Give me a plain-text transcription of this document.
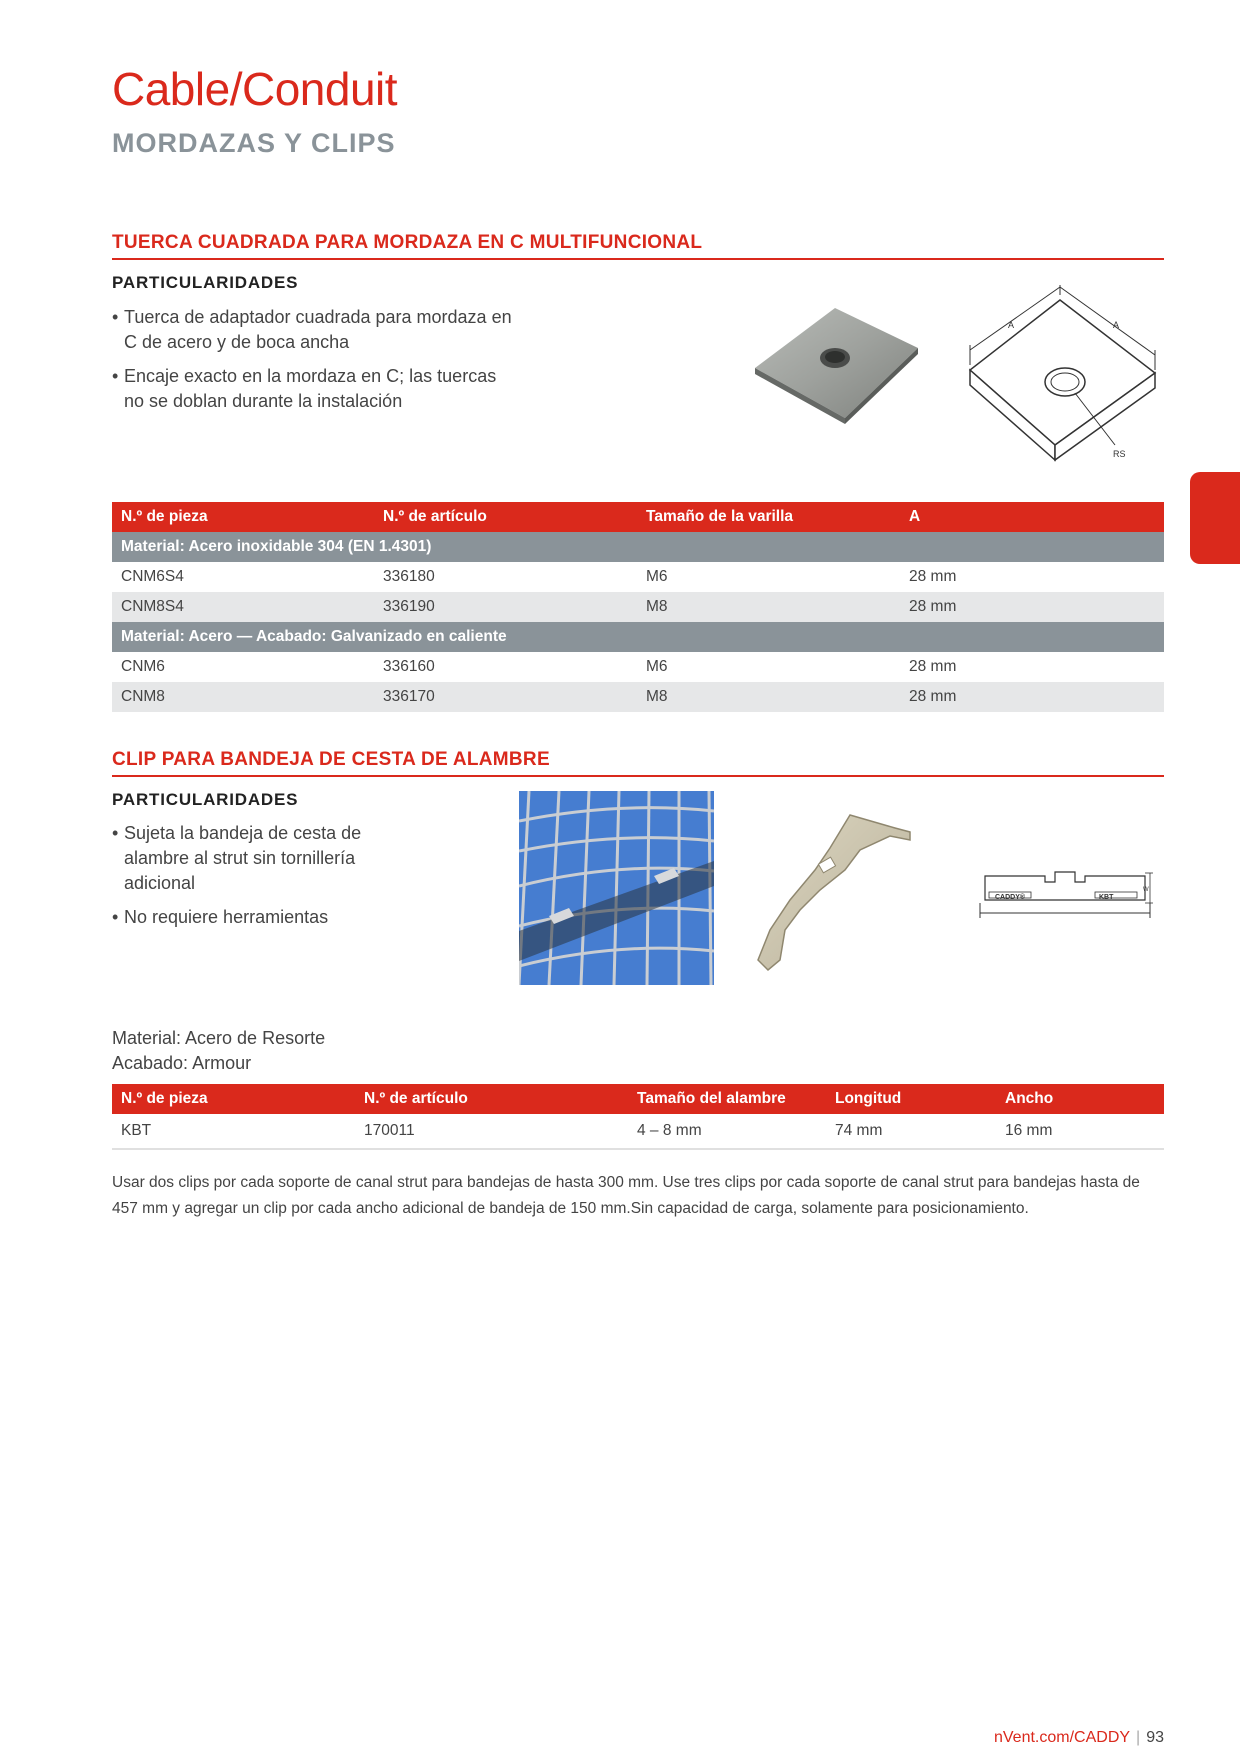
Cable/Conduit
MORDAZAS Y CLIPS
TUERCA CUADRADA PARA MORDAZA EN C MULTIFUNCIONAL
PARTICULARIDADES
• Tuerca de adaptador cuadrada para mordaza en C de acero y de boca ancha
• Encaje exacto en la mordaza en C; las tuercas no se doblan durante la instalación
A	A
RS
N.º de pieza	N.º de artículo	Tamaño de la varilla	A
Material: Acero inoxidable 304 (EN 1.4301)			
CNM6S4	336180	M6	28 mm
CNM8S4	336190	M8	28 mm
Material: Acero — Acabado: Galvanizado en caliente			
CNM6	336160	M6	28 mm
CNM8	336170	M8	28 mm
CLIP PARA BANDEJA DE CESTA DE ALAMBRE
PARTICULARIDADES
• Sujeta la bandeja de cesta de alambre al strut sin tornillería adicional
• No requiere herramientas
CADDY®	KBT
W
Material: Acero de Resorte
Acabado: Armour
N.º de pieza	N.º de artículo	Tamaño del alambre	Longitud	Ancho
KBT	170011	4 – 8 mm	74 mm	16 mm
Usar dos clips por cada soporte de canal strut para bandejas de hasta 300 mm. Use tres clips por cada soporte de canal strut para bandejas hasta de 457 mm y agregar un clip por cada ancho adicional de bandeja de 150 mm.Sin capacidad de carga, solamente para posicionamiento.
nVent.com/CADDY | 93
